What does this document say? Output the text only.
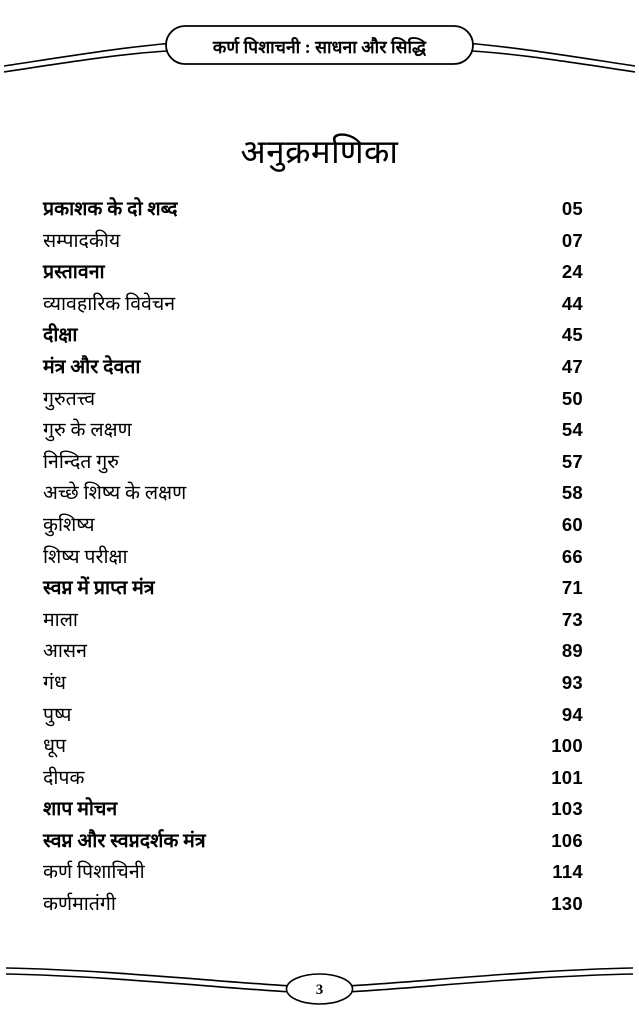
कर्ण पिशाचनी : साधना और सिद्धि
अनुक्रमणिका
प्रकाशक के दो शब्द	05
सम्पादकीय	07
प्रस्तावना	24
व्यावहारिक विवेचन	44
दीक्षा	45
मंत्र और देवता	47
गुरुतत्त्व	50
गुरु के लक्षण	54
निन्दित गुरु	57
अच्छे शिष्य के लक्षण	58
कुशिष्य	60
शिष्य परीक्षा	66
स्वप्न में प्राप्त मंत्र	71
माला	73
आसन	89
गंध	93
पुष्प	94
धूप	100
दीपक	101
शाप मोचन	103
स्वप्न और स्वप्नदर्शक मंत्र	106
कर्ण पिशाचिनी	114
कर्णमातंगी	130
3
